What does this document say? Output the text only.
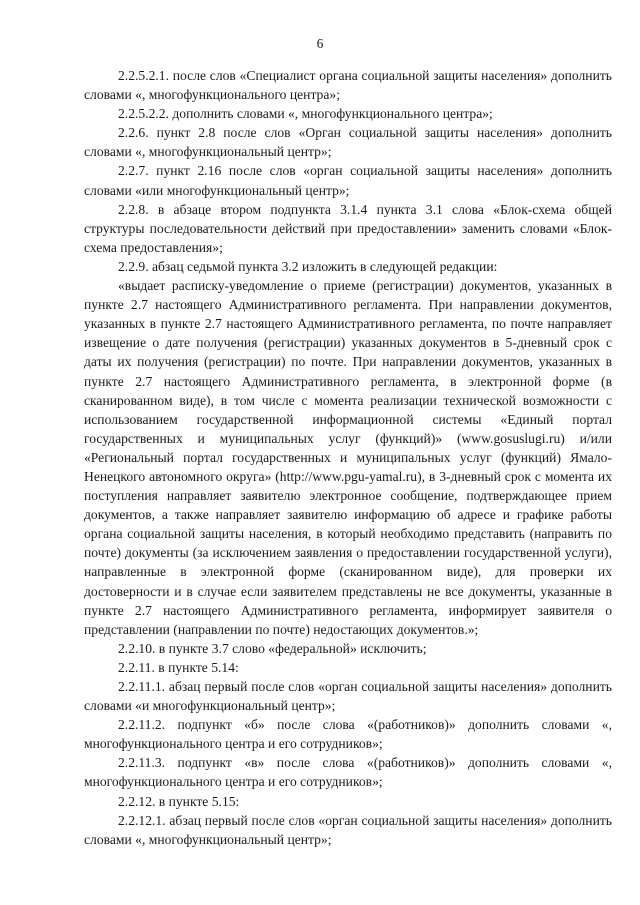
6

2.2.5.2.1. после слов «Специалист органа социальной защиты населения» дополнить словами «, многофункционального центра»;

2.2.5.2.2. дополнить словами «, многофункционального центра»;

2.2.6. пункт 2.8 после слов «Орган социальной защиты населения» дополнить словами «, многофункциональный центр»;

2.2.7. пункт 2.16 после слов «орган социальной защиты населения» дополнить словами «или многофункциональный центр»;

2.2.8. в абзаце втором подпункта 3.1.4 пункта 3.1 слова «Блок-схема общей структуры последовательности действий при предоставлении» заменить словами «Блок-схема предоставления»;

2.2.9. абзац седьмой пункта 3.2 изложить в следующей редакции:

«выдает расписку-уведомление о приеме (регистрации) документов, указанных в пункте 2.7 настоящего Административного регламента. При направлении документов, указанных в пункте 2.7 настоящего Административного регламента, по почте направляет извещение о дате получения (регистрации) указанных документов в 5-дневный срок с даты их получения (регистрации) по почте. При направлении документов, указанных в пункте 2.7 настоящего Административного регламента, в электронной форме (в сканированном виде), в том числе с момента реализации технической возможности с использованием государственной информационной системы «Единый портал государственных и муниципальных услуг (функций)» (www.gosuslugi.ru) и/или «Региональный портал государственных и муниципальных услуг (функций) Ямало-Ненецкого автономного округа» (http://www.pgu-yamal.ru), в 3-дневный срок с момента их поступления направляет заявителю электронное сообщение, подтверждающее прием документов, а также направляет заявителю информацию об адресе и графике работы органа социальной защиты населения, в который необходимо представить (направить по почте) документы (за исключением заявления о предоставлении государственной услуги), направленные в электронной форме (сканированном виде), для проверки их достоверности и в случае если заявителем представлены не все документы, указанные в пункте 2.7 настоящего Административного регламента, информирует заявителя о представлении (направлении по почте) недостающих документов.»;

2.2.10. в пункте 3.7 слово «федеральной» исключить;

2.2.11. в пункте 5.14:

2.2.11.1. абзац первый после слов «орган социальной защиты населения» дополнить словами «и многофункциональный центр»;

2.2.11.2. подпункт «б» после слова «(работников)» дополнить словами «, многофункционального центра и его сотрудников»;

2.2.11.3. подпункт «в» после слова «(работников)» дополнить словами «, многофункционального центра и его сотрудников»;

2.2.12. в пункте 5.15:

2.2.12.1. абзац первый после слов «орган социальной защиты населения» дополнить словами «, многофункциональный центр»;
